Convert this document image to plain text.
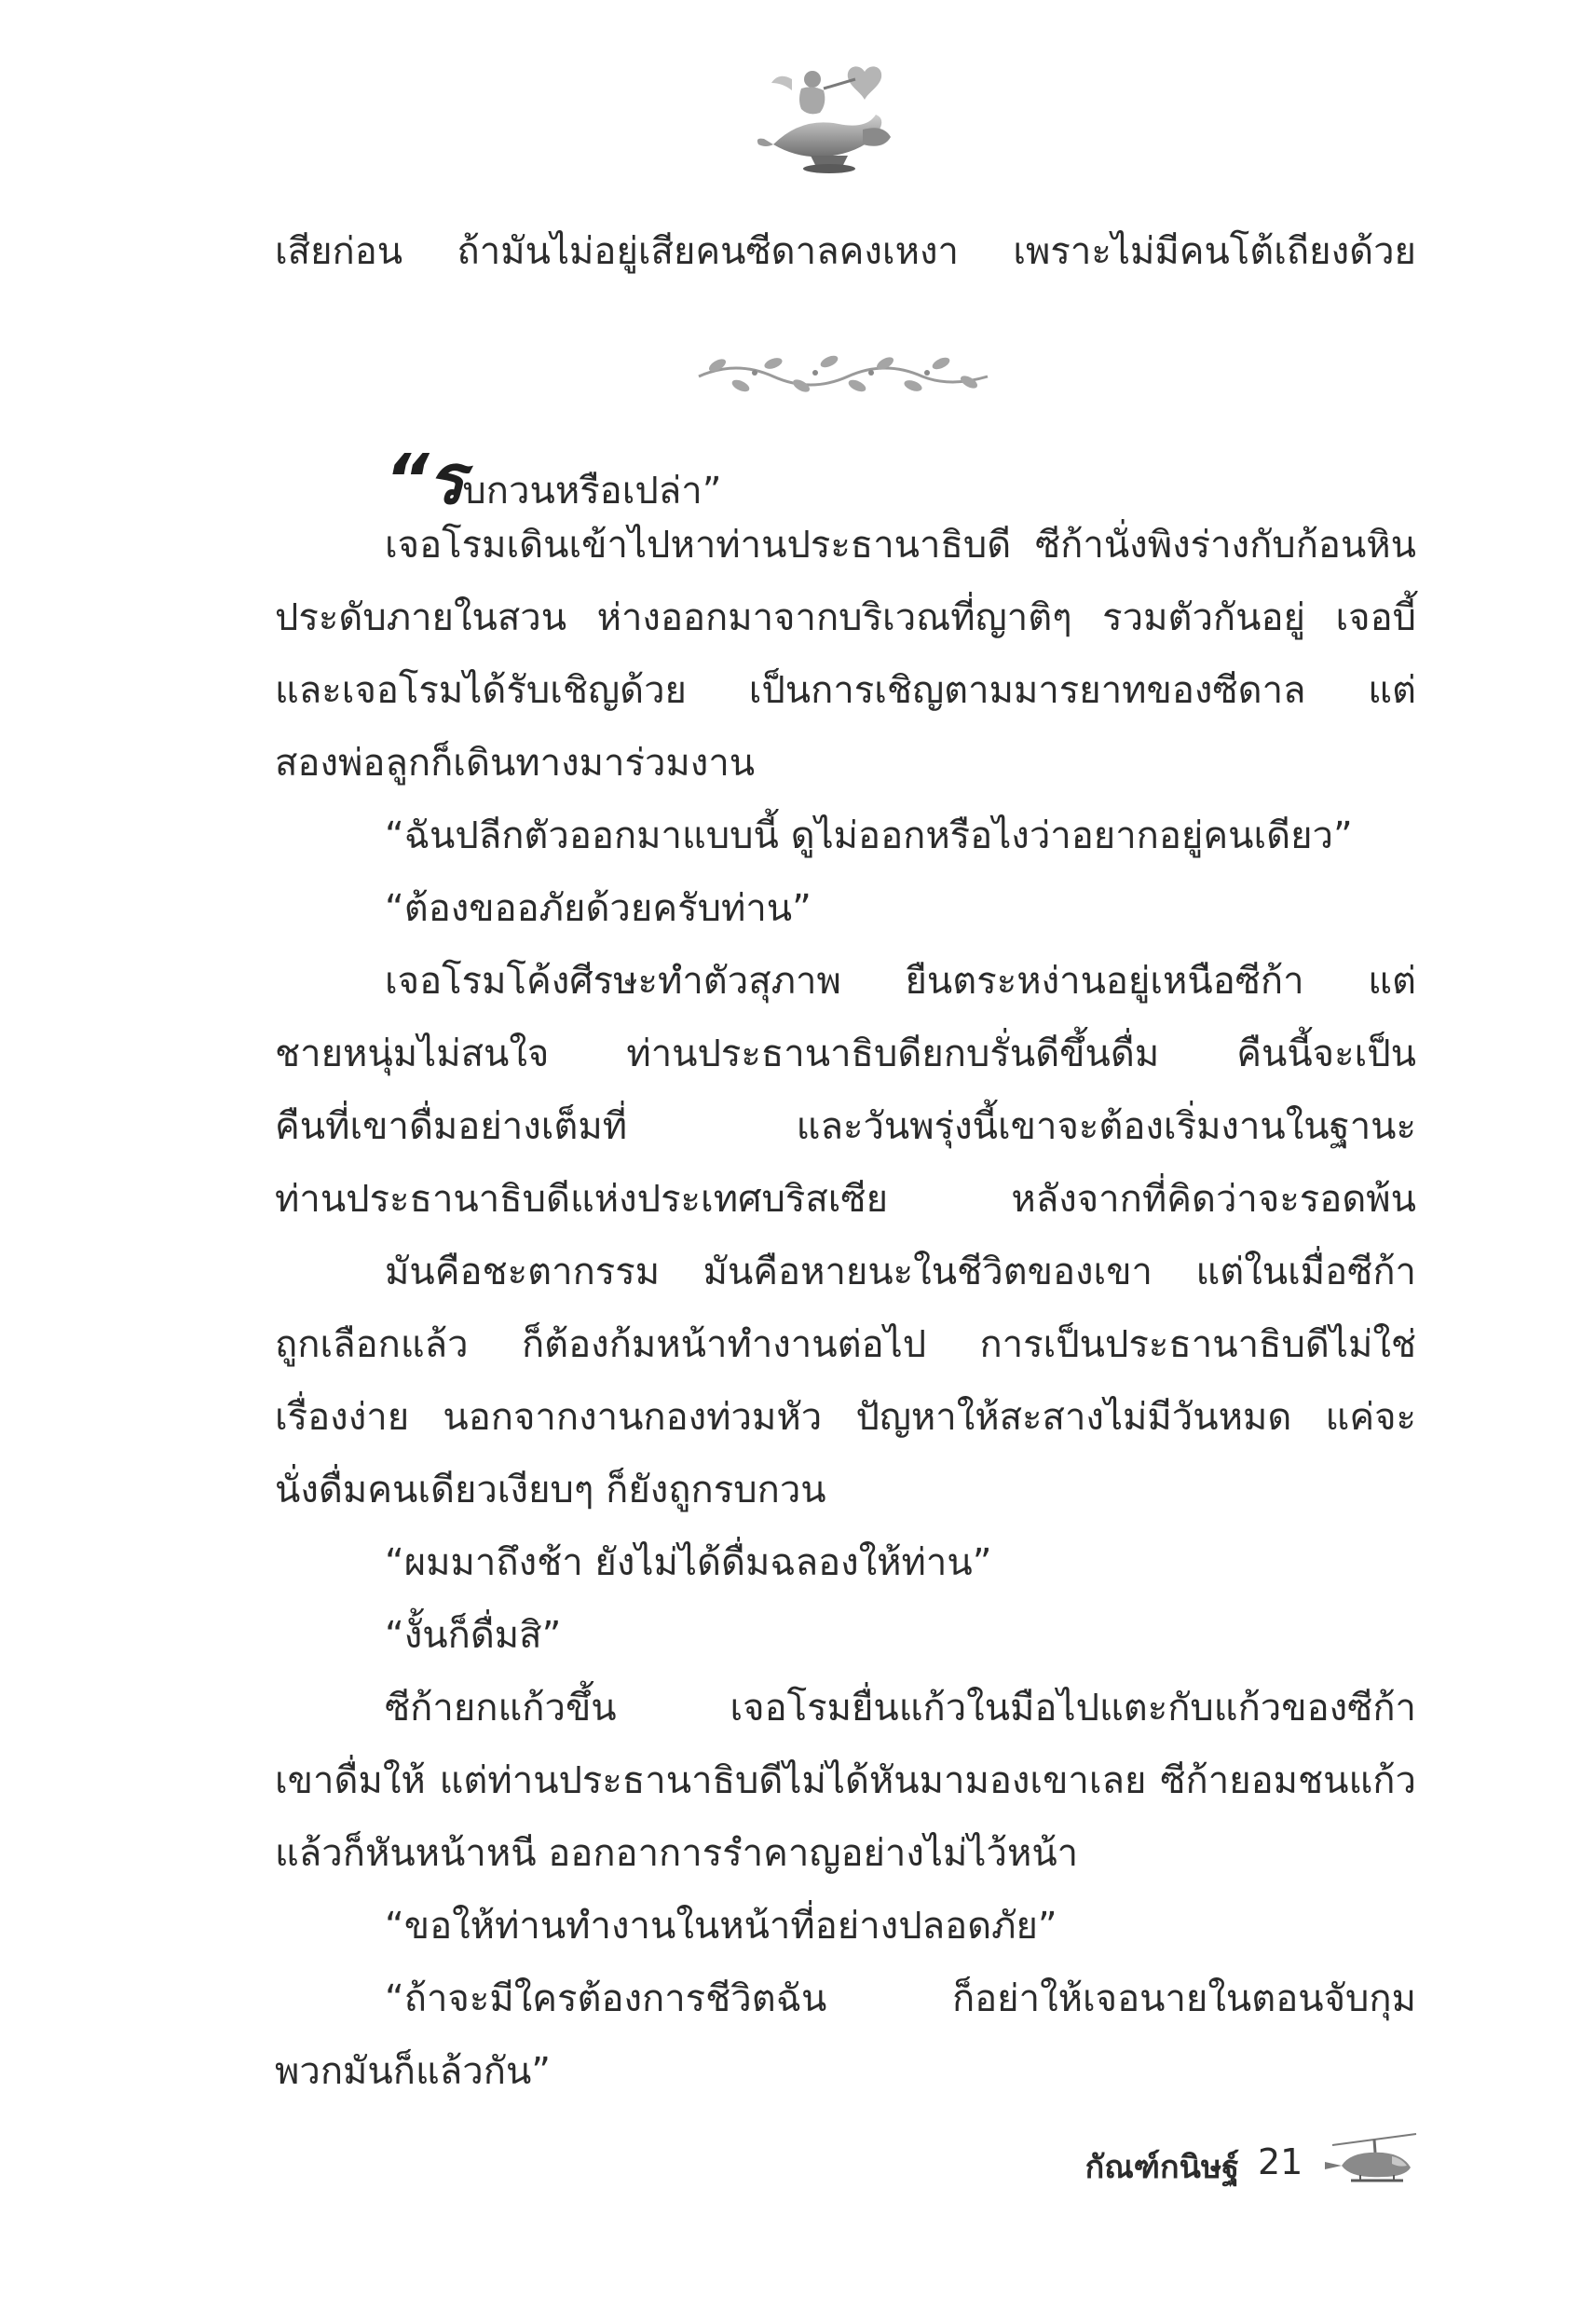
เสียก่อน ถ้ามันไม่อยู่เสียคนซีดาลคงเหงา เพราะไม่มีคนโต้เถียงด้วย
“รบกวนหรือเปล่า”
เจอโรมเดินเข้าไปหาท่านประธานาธิบดี ซีก้านั่งพิงร่างกับก้อนหิน
ประดับภายในสวน ห่างออกมาจากบริเวณที่ญาติๆ รวมตัวกันอยู่ เจอบี้
และเจอโรมได้รับเชิญด้วย เป็นการเชิญตามมารยาทของซีดาล แต่
สองพ่อลูกก็เดินทางมาร่วมงาน
“ฉันปลีกตัวออกมาแบบนี้ ดูไม่ออกหรือไงว่าอยากอยู่คนเดียว”
“ต้องขออภัยด้วยครับท่าน”
เจอโรมโค้งศีรษะทำตัวสุภาพ ยืนตระหง่านอยู่เหนือซีก้า แต่
ชายหนุ่มไม่สนใจ ท่านประธานาธิบดียกบรั่นดีขึ้นดื่ม คืนนี้จะเป็น
คืนที่เขาดื่มอย่างเต็มที่ และวันพรุ่งนี้เขาจะต้องเริ่มงานในฐานะ
ท่านประธานาธิบดีแห่งประเทศบริสเซีย หลังจากที่คิดว่าจะรอดพ้น
มันคือชะตากรรม มันคือหายนะในชีวิตของเขา แต่ในเมื่อซีก้า
ถูกเลือกแล้ว ก็ต้องก้มหน้าทำงานต่อไป การเป็นประธานาธิบดีไม่ใช่
เรื่องง่าย นอกจากงานกองท่วมหัว ปัญหาให้สะสางไม่มีวันหมด แค่จะ
นั่งดื่มคนเดียวเงียบๆ ก็ยังถูกรบกวน
“ผมมาถึงช้า ยังไม่ได้ดื่มฉลองให้ท่าน”
“งั้นก็ดื่มสิ”
ซีก้ายกแก้วขึ้น เจอโรมยื่นแก้วในมือไปแตะกับแก้วของซีก้า
เขาดื่มให้ แต่ท่านประธานาธิบดีไม่ได้หันมามองเขาเลย ซีก้ายอมชนแก้ว
แล้วก็หันหน้าหนี ออกอาการรำคาญอย่างไม่ไว้หน้า
“ขอให้ท่านทำงานในหน้าที่อย่างปลอดภัย”
“ถ้าจะมีใครต้องการชีวิตฉัน ก็อย่าให้เจอนายในตอนจับกุม
พวกมันก็แล้วกัน”
กัณฑ์กนิษฐ์ 21
